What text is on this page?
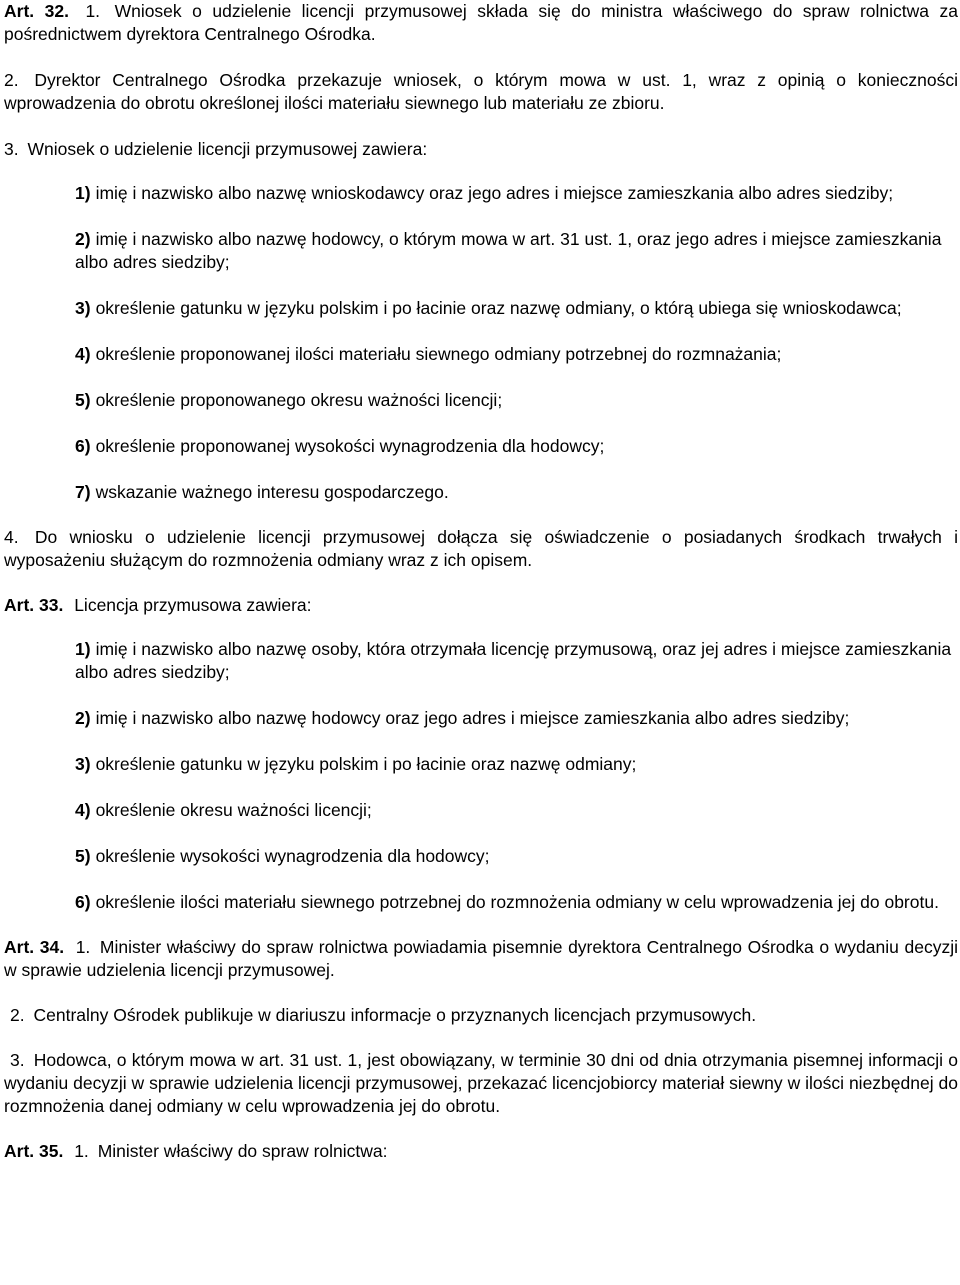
Art. 32. 1. Wniosek o udzielenie licencji przymusowej składa się do ministra właściwego do spraw rolnictwa za pośrednictwem dyrektora Centralnego Ośrodka.

2. Dyrektor Centralnego Ośrodka przekazuje wniosek, o którym mowa w ust. 1, wraz z opinią o konieczności wprowadzenia do obrotu określonej ilości materiału siewnego lub materiału ze zbioru.

3. Wniosek o udzielenie licencji przymusowej zawiera:

1) imię i nazwisko albo nazwę wnioskodawcy oraz jego adres i miejsce zamieszkania albo adres siedziby;

2) imię i nazwisko albo nazwę hodowcy, o którym mowa w art. 31 ust. 1, oraz jego adres i miejsce zamieszkania albo adres siedziby;

3) określenie gatunku w języku polskim i po łacinie oraz nazwę odmiany, o którą ubiega się wnioskodawca;

4) określenie proponowanej ilości materiału siewnego odmiany potrzebnej do rozmnażania;

5) określenie proponowanego okresu ważności licencji;

6) określenie proponowanej wysokości wynagrodzenia dla hodowcy;

7) wskazanie ważnego interesu gospodarczego.

4. Do wniosku o udzielenie licencji przymusowej dołącza się oświadczenie o posiadanych środkach trwałych i wyposażeniu służącym do rozmnożenia odmiany wraz z ich opisem.

Art. 33. Licencja przymusowa zawiera:

1) imię i nazwisko albo nazwę osoby, która otrzymała licencję przymusową, oraz jej adres i miejsce zamieszkania albo adres siedziby;

2) imię i nazwisko albo nazwę hodowcy oraz jego adres i miejsce zamieszkania albo adres siedziby;

3) określenie gatunku w języku polskim i po łacinie oraz nazwę odmiany;

4) określenie okresu ważności licencji;

5) określenie wysokości wynagrodzenia dla hodowcy;

6) określenie ilości materiału siewnego potrzebnej do rozmnożenia odmiany w celu wprowadzenia jej do obrotu.

Art. 34. 1. Minister właściwy do spraw rolnictwa powiadamia pisemnie dyrektora Centralnego Ośrodka o wydaniu decyzji w sprawie udzielenia licencji przymusowej.

2. Centralny Ośrodek publikuje w diariuszu informacje o przyznanych licencjach przymusowych.

3. Hodowca, o którym mowa w art. 31 ust. 1, jest obowiązany, w terminie 30 dni od dnia otrzymania pisemnej informacji o wydaniu decyzji w sprawie udzielenia licencji przymusowej, przekazać licencjobiorcy materiał siewny w ilości niezbędnej do rozmnożenia danej odmiany w celu wprowadzenia jej do obrotu.

Art. 35. 1. Minister właściwy do spraw rolnictwa:
